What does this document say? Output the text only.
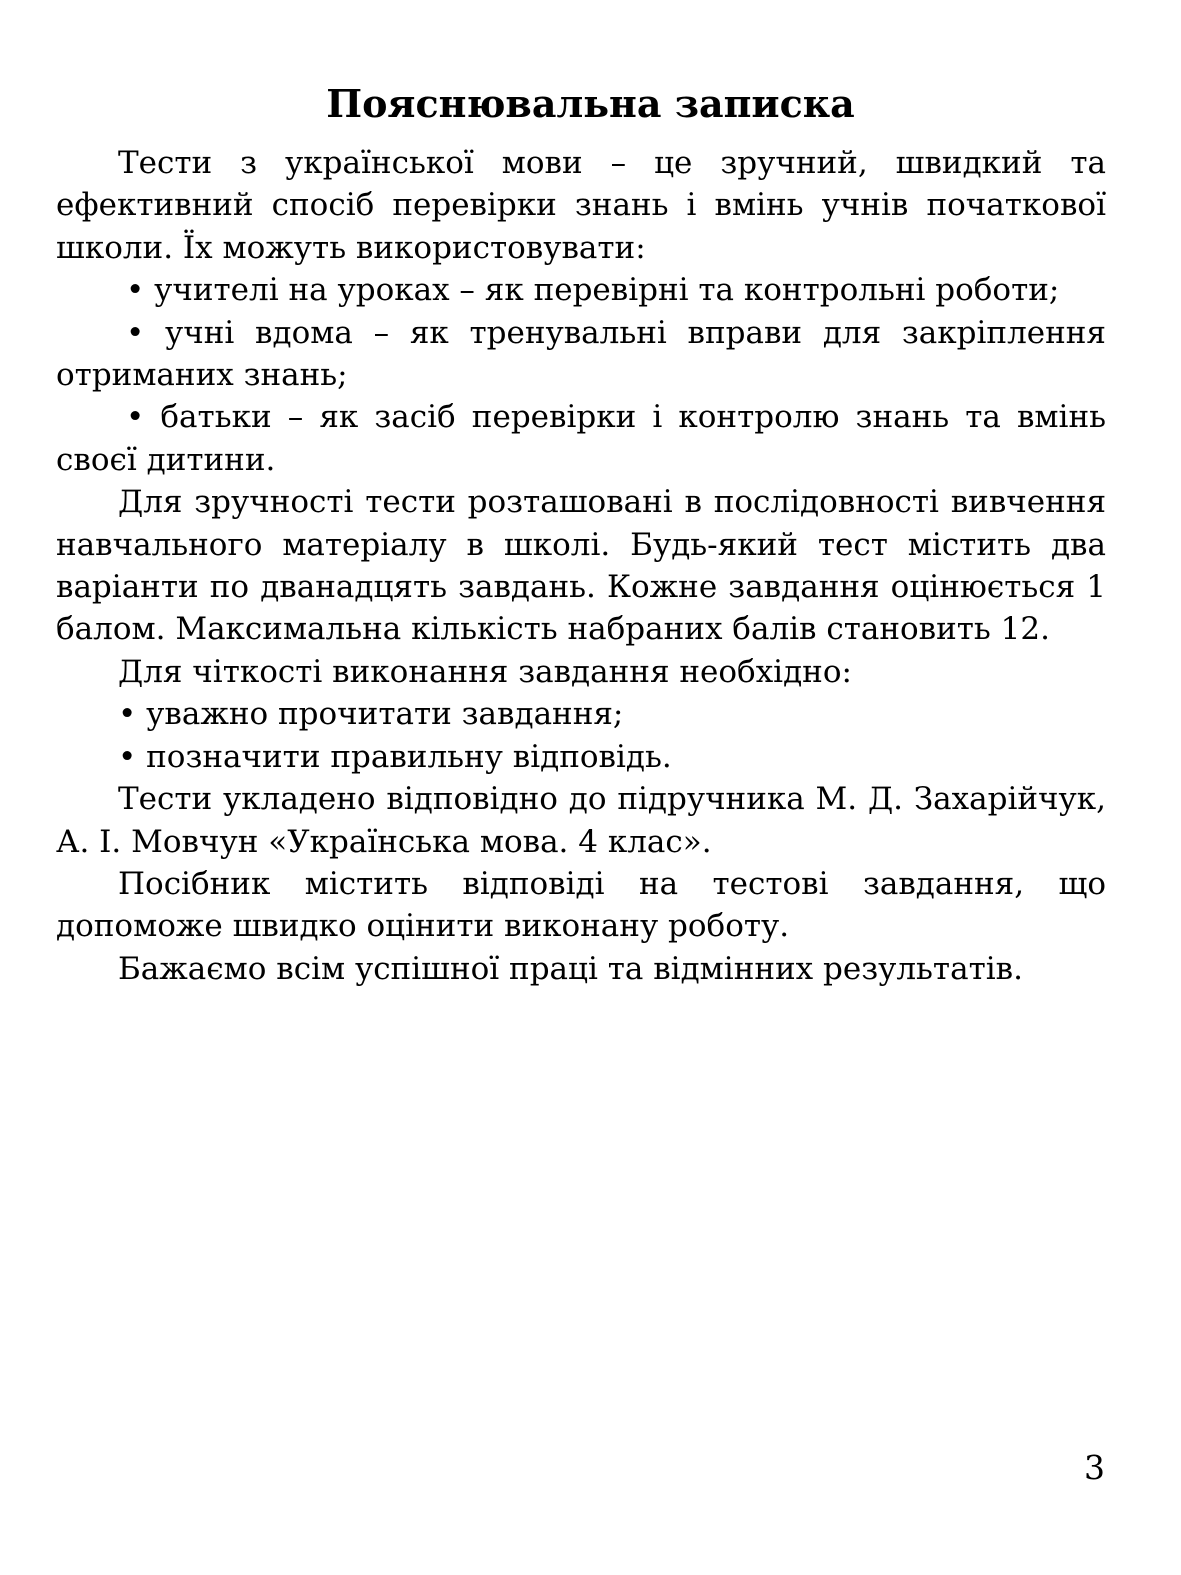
Пояснювальна записка

Тести з української мови – це зручний, швидкий та ефективний спосіб перевірки знань і вмінь учнів початкової школи. Їх можуть використовувати:

• учителі на уроках – як перевірні та контрольні роботи;

• учні вдома – як тренувальні вправи для закріплення отриманих знань;

• батьки – як засіб перевірки і контролю знань та вмінь своєї дитини.

Для зручності тести розташовані в послідовності вивчення навчального матеріалу в школі. Будь-який тест містить два варіанти по дванадцять завдань. Кожне завдання оцінюється 1 балом. Максимальна кількість набраних балів становить 12.

Для чіткості виконання завдання необхідно:

• уважно прочитати завдання;

• позначити правильну відповідь.

Тести укладено відповідно до підручника М. Д. Захарійчук, А. І. Мовчун «Українська мова. 4 клас».

Посібник містить відповіді на тестові завдання, що допоможе швидко оцінити виконану роботу.

Бажаємо всім успішної праці та відмінних результатів.

3
